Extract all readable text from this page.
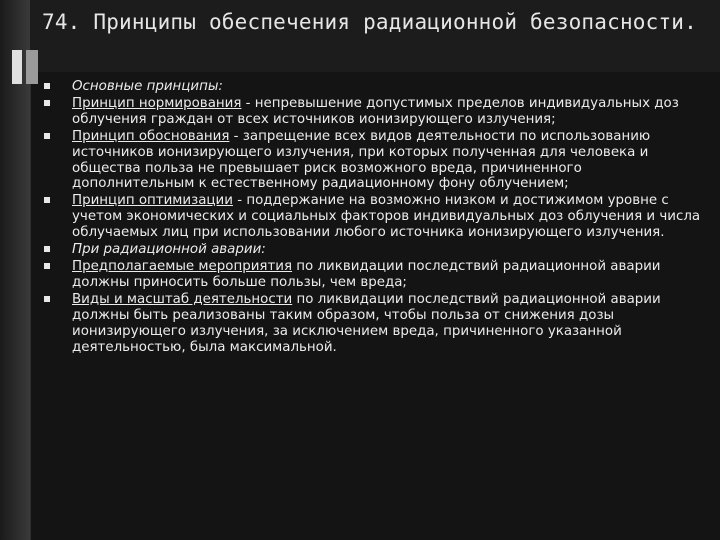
74. Принципы обеспечения радиационной безопасности.
Основные принципы:
Принцип нормирования - непревышение допустимых пределов индивидуальных доз облучения граждан от всех источников ионизирующего излучения;
Принцип обоснования - запрещение всех видов деятельности по использованию источников ионизирующего излучения, при которых полученная для человека и общества польза не превышает риск возможного вреда, причиненного дополнительным к естественному радиационному фону облучением;
Принцип оптимизации - поддержание на возможно низком и достижимом уровне с учетом экономических и социальных факторов индивидуальных доз облучения и числа облучаемых лиц при использовании любого источника ионизирующего излучения.
При радиационной аварии:
Предполагаемые мероприятия по ликвидации последствий радиационной аварии должны приносить больше пользы, чем вреда;
Виды и масштаб деятельности по ликвидации последствий радиационной аварии должны быть реализованы таким образом, чтобы польза от снижения дозы ионизирующего излучения, за исключением вреда, причиненного указанной деятельностью, была максимальной.
